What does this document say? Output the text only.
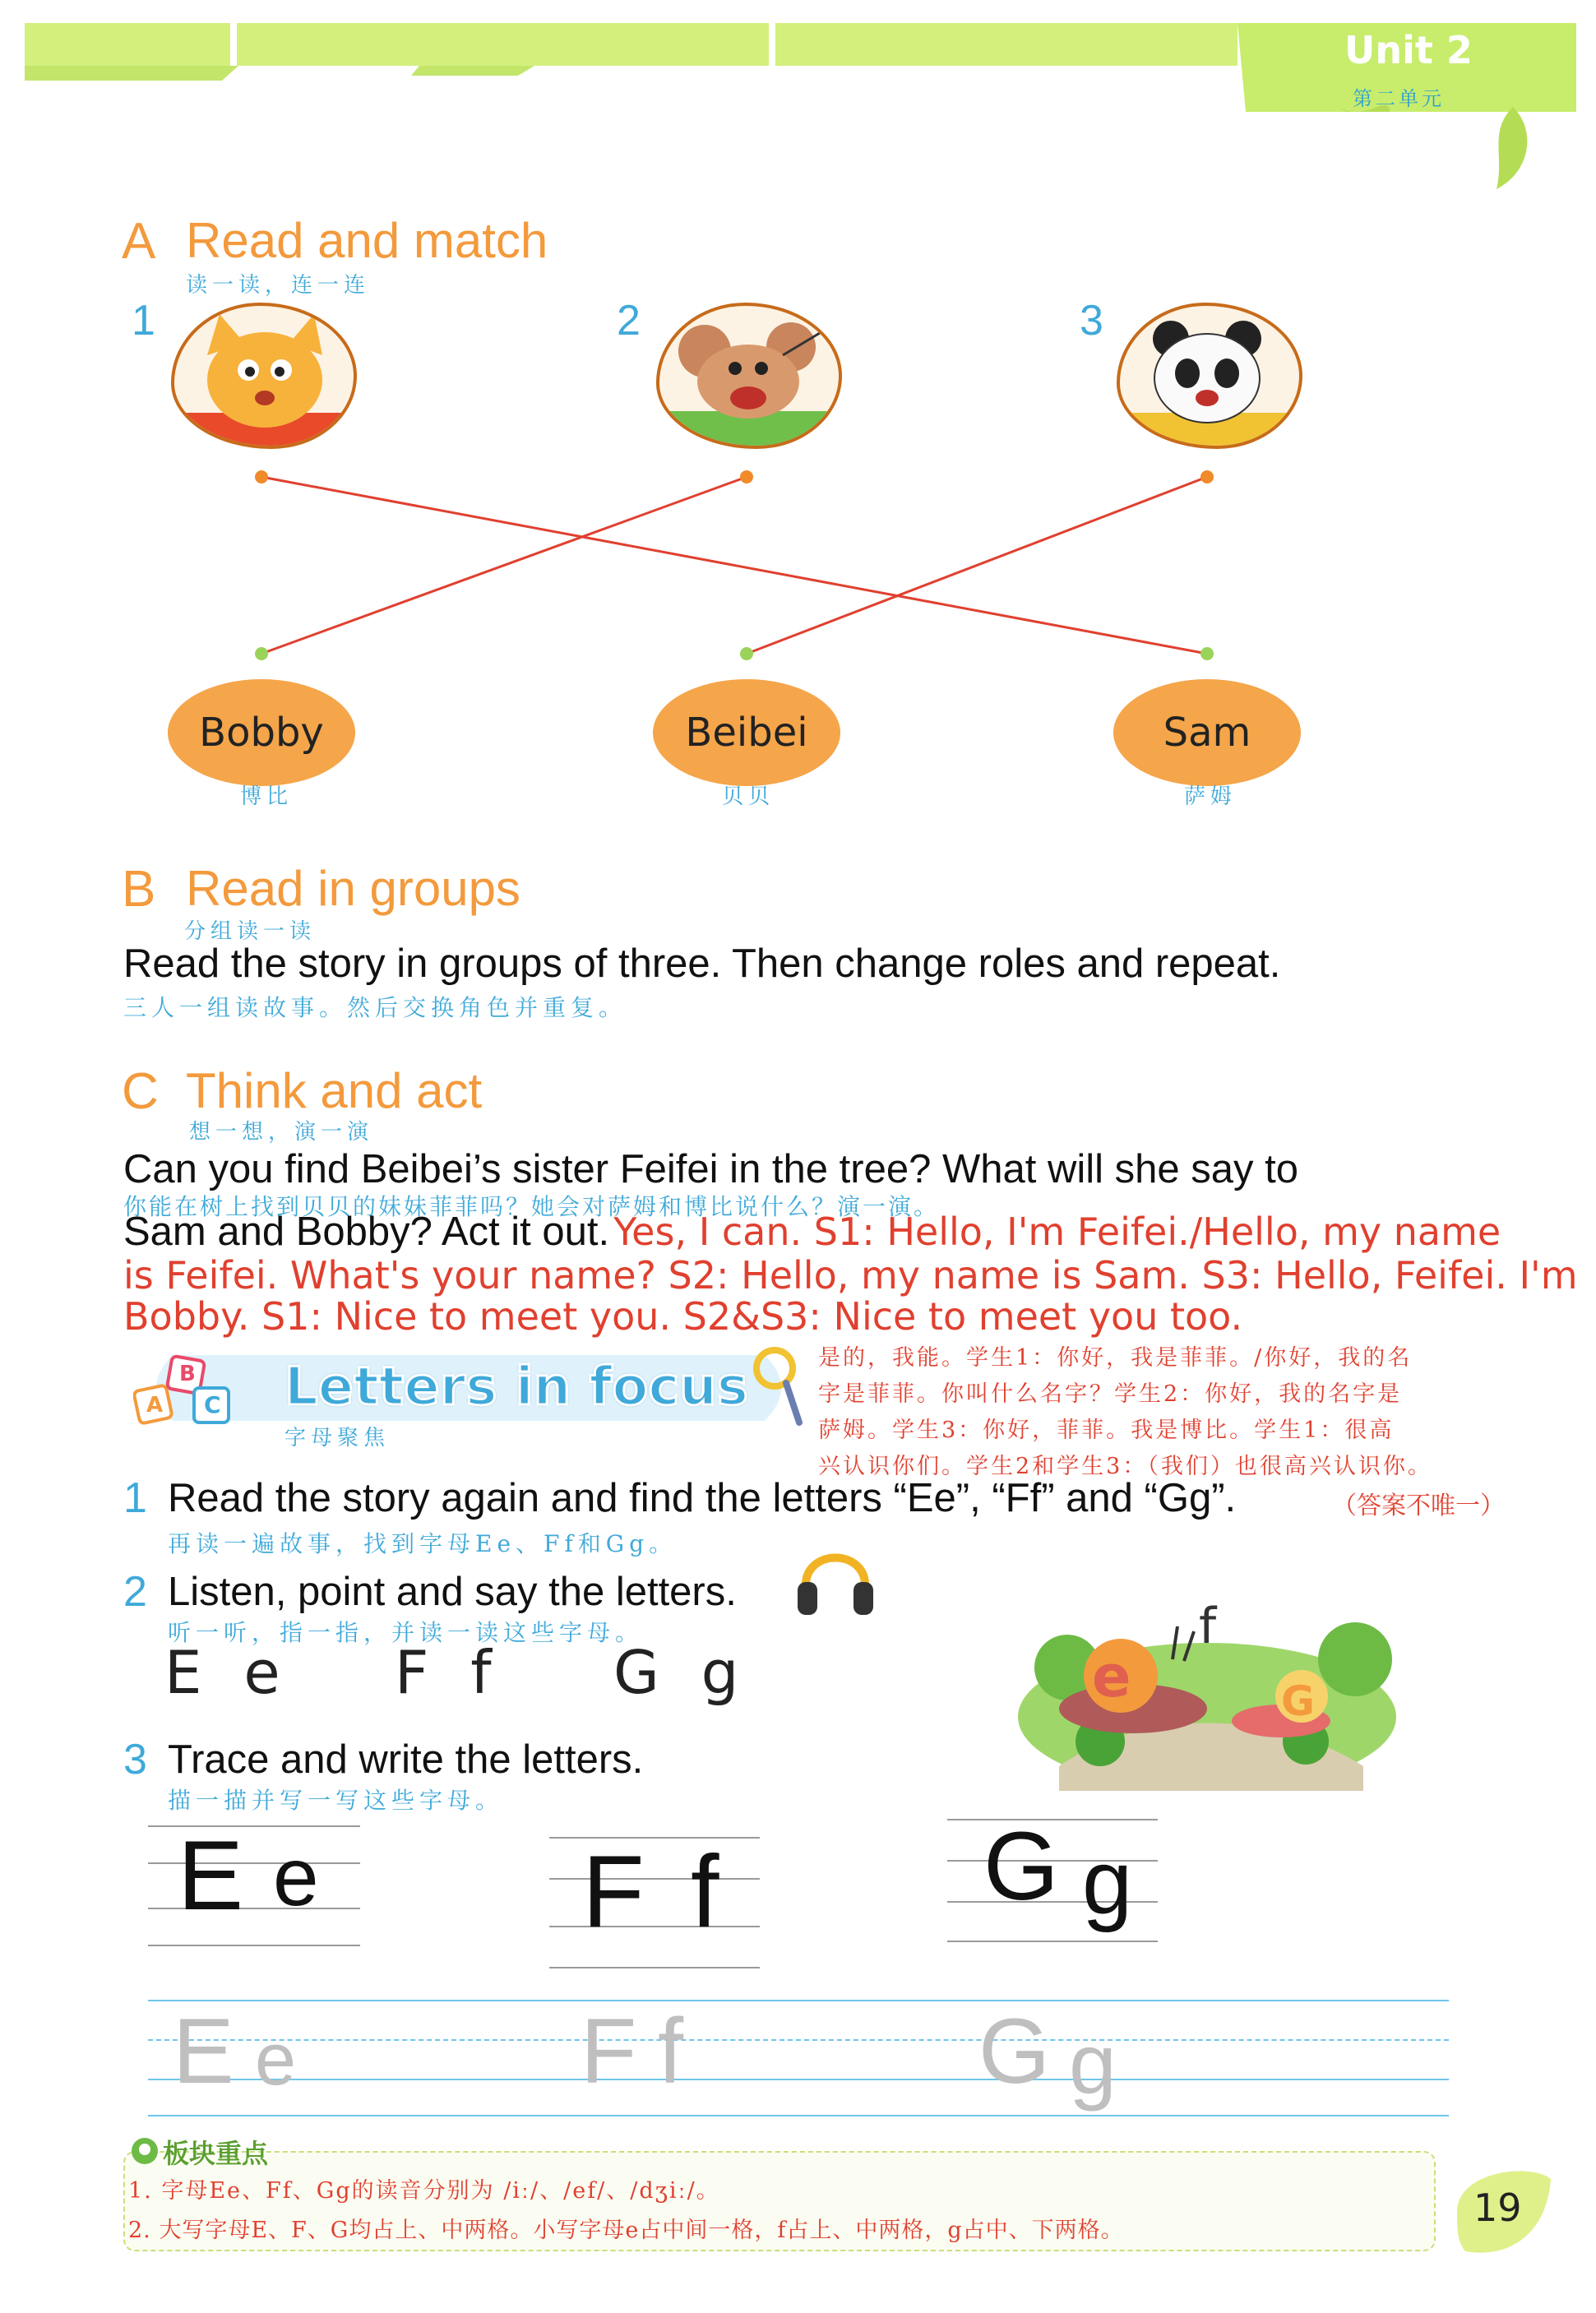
Unit 2
第二单元
A Read and match
读一读，连一连
1	2	3
Bobby	Beibei	Sam
博比	贝贝	萨姆
B Read in groups
分组读一读
Read the story in groups of three. Then change roles and repeat.
三人一组读故事。然后交换角色并重复。
C Think and act
想一想，演一演
Can you find Beibei’s sister Feifei in the tree? What will she say to
你能在树上找到贝贝的妹妹菲菲吗？她会对萨姆和博比说什么？演一演。
Sam and Bobby? Act it out. Yes, I can. S1: Hello, I'm Feifei./Hello, my name
is Feifei. What's your name? S2: Hello, my name is Sam. S3: Hello, Feifei. I'm
Bobby. S1: Nice to meet you. S2&S3: Nice to meet you too.
是的，我能。学生1：你好，我是菲菲。/你好，我的名
字是菲菲。你叫什么名字？学生2：你好，我的名字是
萨姆。学生3：你好，菲菲。我是博比。学生1：很高
兴认识你们。学生2和学生3：（我们）也很高兴认识你。
A
B
C Letters in focus
字母聚焦
1 Read the story again and find the letters “Ee”, “Ff” and “Gg”.	（答案不唯一）
再读一遍故事，找到字母Ee、Ff和Gg。
2 Listen, point and say the letters.
听一听，指一指，并读一读这些字母。
E e F f G g	e
f
G
3 Trace and write the letters.
描一描并写一写这些字母。
E e	F f	G g
E e	F f	G g
板块重点
1. 字母Ee、Ff、Gg的读音分别为 /iː/、/ef/、/dʒiː/。
2. 大写字母E、F、G均占上、中两格。小写字母e占中间一格，f占上、中两格，g占中、下两格。
19
